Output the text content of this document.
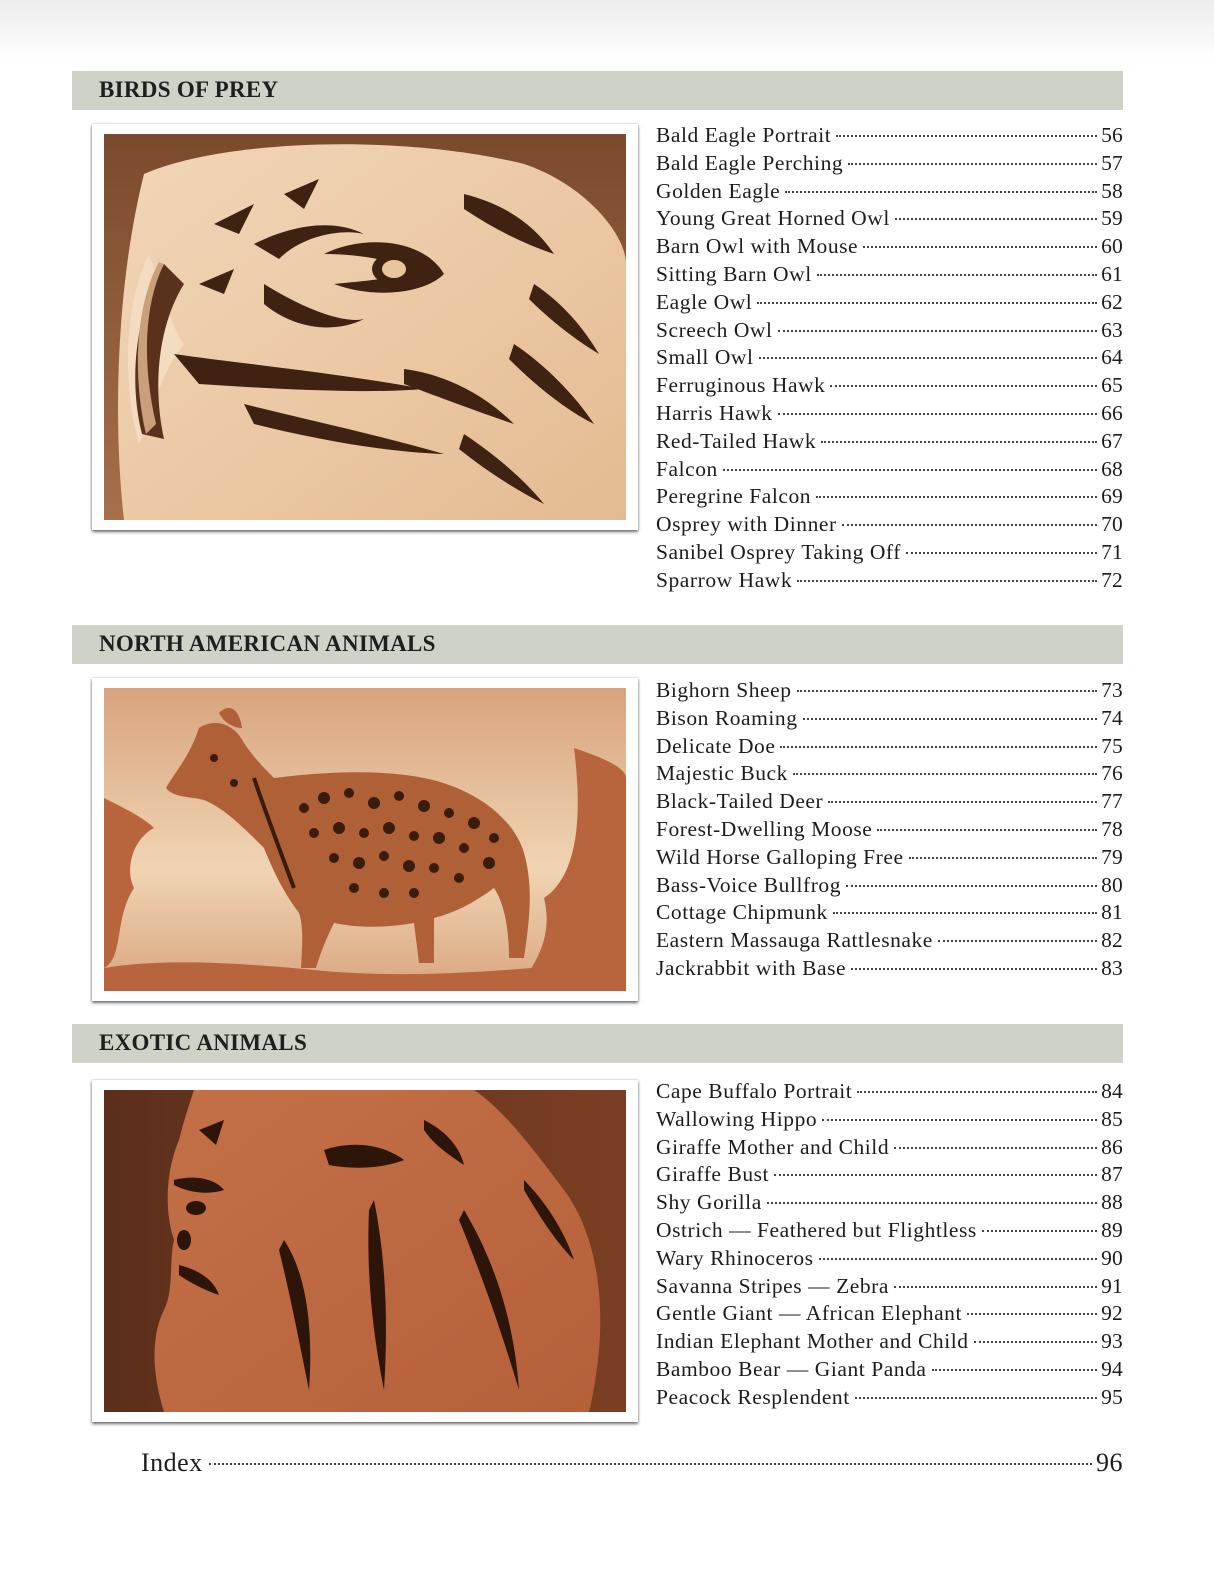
BIRDS OF PREY
Bald Eagle Portrait	56
Bald Eagle Perching	57
Golden Eagle	58
Young Great Horned Owl	59
Barn Owl with Mouse	60
Sitting Barn Owl	61
Eagle Owl	62
Screech Owl	63
Small Owl	64
Ferruginous Hawk	65
Harris Hawk	66
Red-Tailed Hawk	67
Falcon	68
Peregrine Falcon	69
Osprey with Dinner	70
Sanibel Osprey Taking Off	71
Sparrow Hawk	72
NORTH AMERICAN ANIMALS
Bighorn Sheep	73
Bison Roaming	74
Delicate Doe	75
Majestic Buck	76
Black-Tailed Deer	77
Forest-Dwelling Moose	78
Wild Horse Galloping Free	79
Bass-Voice Bullfrog	80
Cottage Chipmunk	81
Eastern Massauga Rattlesnake	82
Jackrabbit with Base	83
EXOTIC ANIMALS
Cape Buffalo Portrait	84
Wallowing Hippo	85
Giraffe Mother and Child	86
Giraffe Bust	87
Shy Gorilla	88
Ostrich — Feathered but Flightless	89
Wary Rhinoceros	90
Savanna Stripes — Zebra	91
Gentle Giant — African Elephant	92
Indian Elephant Mother and Child	93
Bamboo Bear — Giant Panda	94
Peacock Resplendent	95
Index	96
